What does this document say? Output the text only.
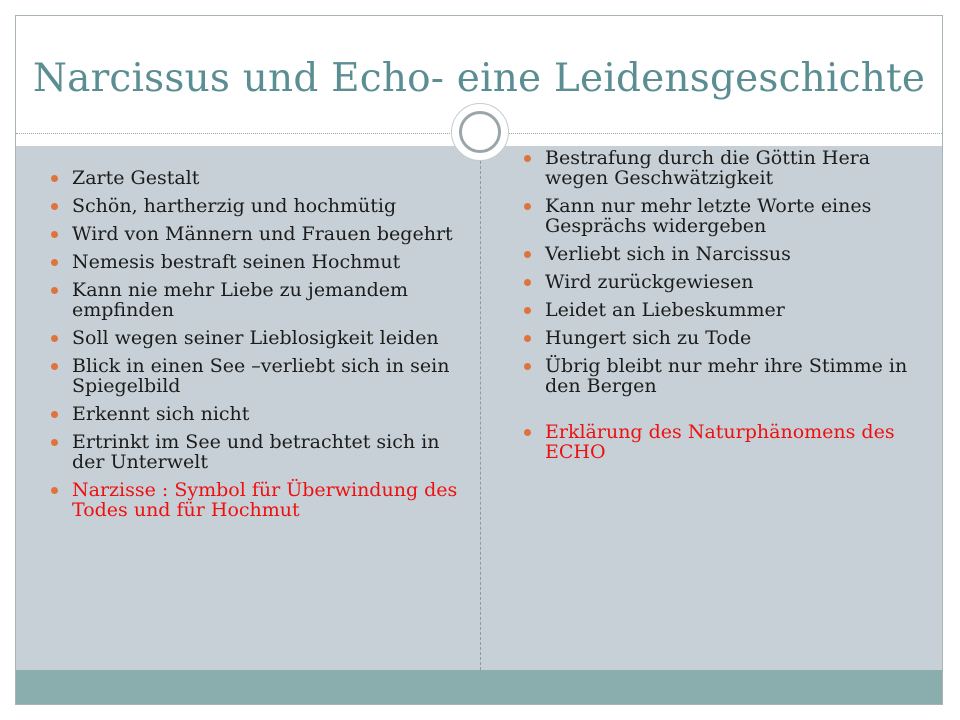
Narcissus und Echo- eine Leidensgeschichte
Zarte Gestalt
Schön, hartherzig und hochmütig
Wird von Männern und Frauen begehrt
Nemesis bestraft seinen Hochmut
Kann nie mehr Liebe zu jemandem empfinden
Soll wegen seiner Lieblosigkeit leiden
Blick in einen See –verliebt sich in sein Spiegelbild
Erkennt sich nicht
Ertrinkt im See und betrachtet sich in der Unterwelt
Narzisse : Symbol für Überwindung des Todes und für Hochmut
Bestrafung durch die Göttin Hera wegen Geschwätzigkeit
Kann nur mehr letzte Worte eines Gesprächs widergeben
Verliebt sich in Narcissus
Wird zurückgewiesen
Leidet an Liebeskummer
Hungert sich zu Tode
Übrig bleibt nur mehr ihre Stimme in den Bergen
Erklärung des Naturphänomens des ECHO
